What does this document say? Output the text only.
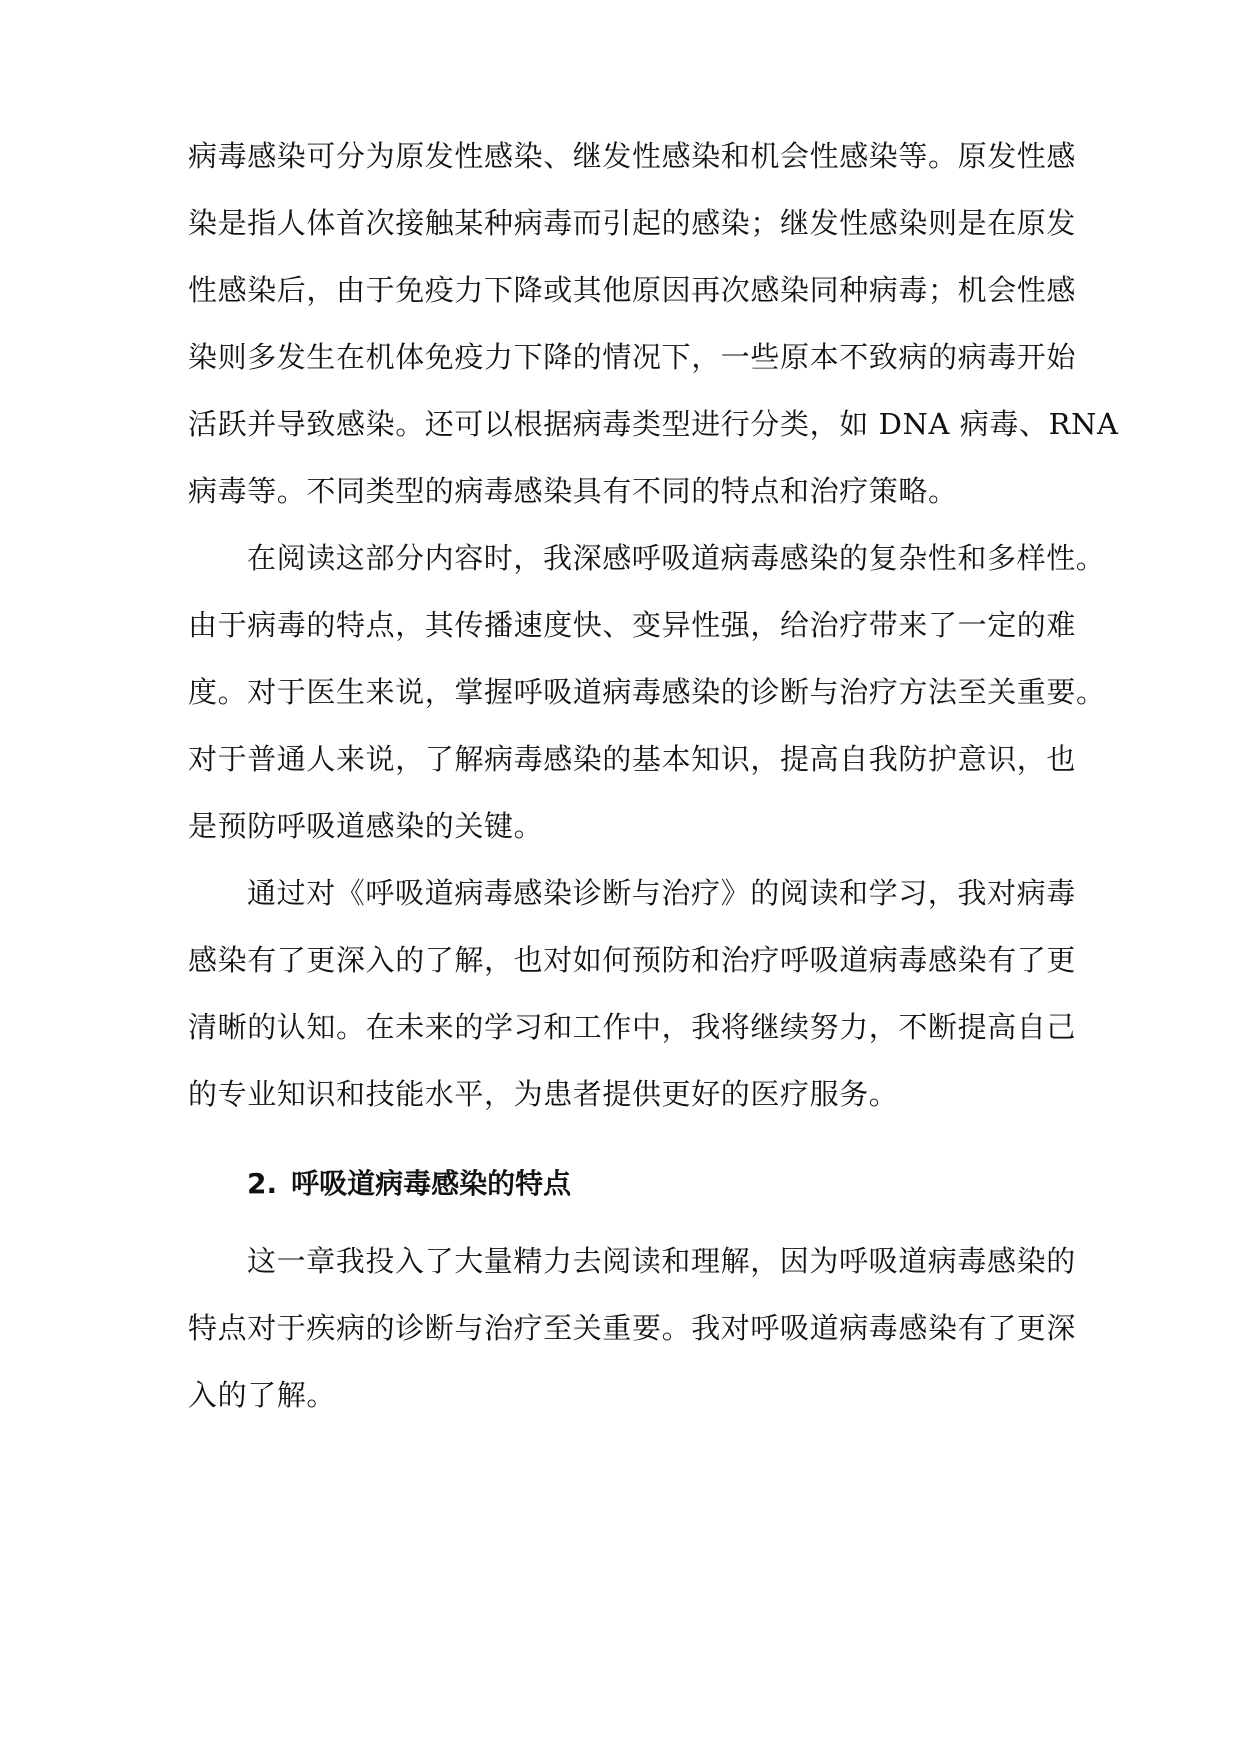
病毒感染可分为原发性感染、继发性感染和机会性感染等。原发性感
染是指人体首次接触某种病毒而引起的感染；继发性感染则是在原发
性感染后，由于免疫力下降或其他原因再次感染同种病毒；机会性感
染则多发生在机体免疫力下降的情况下，一些原本不致病的病毒开始
活跃并导致感染。还可以根据病毒类型进行分类，如 DNA 病毒、RNA
病毒等。不同类型的病毒感染具有不同的特点和治疗策略。
在阅读这部分内容时，我深感呼吸道病毒感染的复杂性和多样性。
由于病毒的特点，其传播速度快、变异性强，给治疗带来了一定的难
度。对于医生来说，掌握呼吸道病毒感染的诊断与治疗方法至关重要。
对于普通人来说，了解病毒感染的基本知识，提高自我防护意识，也
是预防呼吸道感染的关键。
通过对《呼吸道病毒感染诊断与治疗》的阅读和学习，我对病毒
感染有了更深入的了解，也对如何预防和治疗呼吸道病毒感染有了更
清晰的认知。在未来的学习和工作中，我将继续努力，不断提高自己
的专业知识和技能水平，为患者提供更好的医疗服务。
2. 呼吸道病毒感染的特点
这一章我投入了大量精力去阅读和理解，因为呼吸道病毒感染的
特点对于疾病的诊断与治疗至关重要。我对呼吸道病毒感染有了更深
入的了解。
